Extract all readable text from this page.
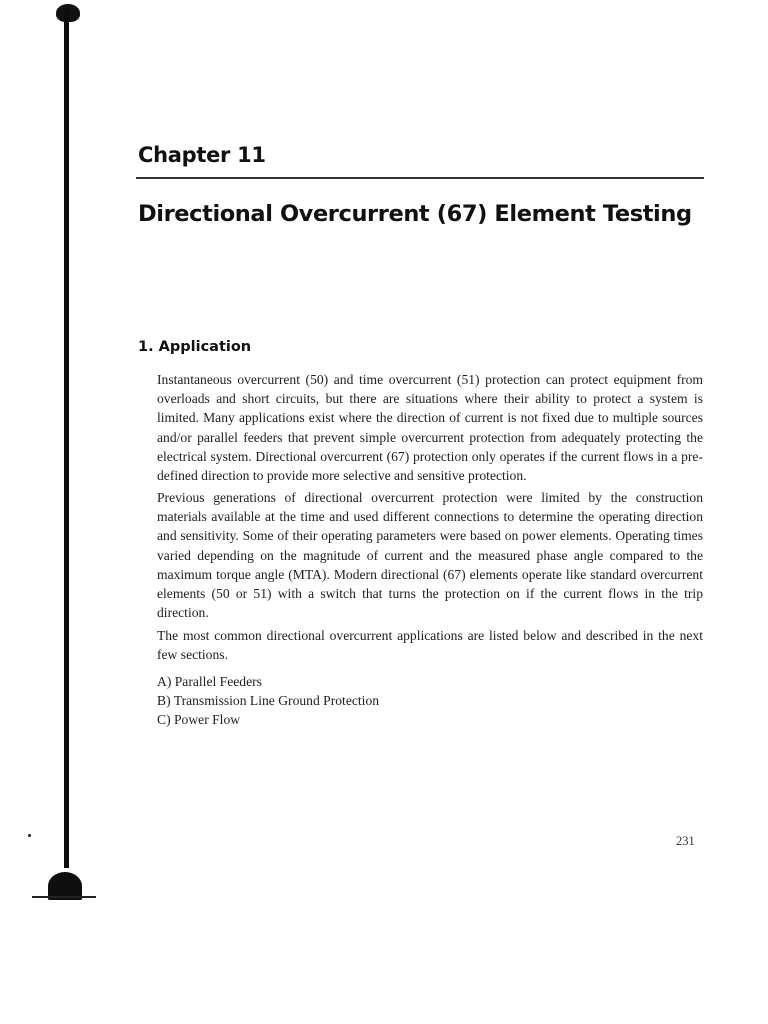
Chapter 11
Directional Overcurrent (67) Element Testing
1. Application

Instantaneous overcurrent (50) and time overcurrent (51) protection can protect equipment from overloads and short circuits, but there are situations where their ability to protect a system is limited. Many applications exist where the direction of current is not fixed due to multiple sources and/or parallel feeders that prevent simple overcurrent protection from adequately protecting the electrical system. Directional overcurrent (67) protection only operates if the current flows in a pre-defined direction to provide more selective and sensitive protection.

Previous generations of directional overcurrent protection were limited by the construction materials available at the time and used different connections to determine the operating direction and sensitivity. Some of their operating parameters were based on power elements. Operating times varied depending on the magnitude of current and the measured phase angle compared to the maximum torque angle (MTA). Modern directional (67) elements operate like standard overcurrent elements (50 or 51) with a switch that turns the protection on if the current flows in the trip direction.

The most common directional overcurrent applications are listed below and described in the next few sections.

A) Parallel Feeders
B) Transmission Line Ground Protection
C) Power Flow
231
